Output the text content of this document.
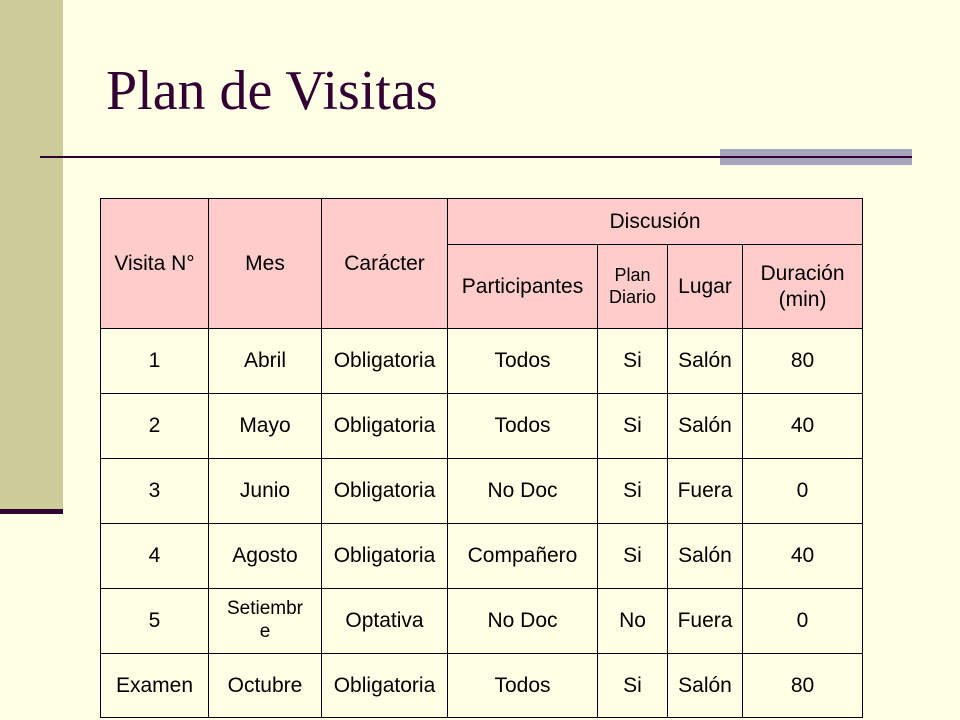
Plan de Visitas
Visita N°	Mes	Carácter	Discusión			
			Participantes	Plan Diario	Lugar	Duración (min)
1	Abril	Obligatoria	Todos	Si	Salón	80
2	Mayo	Obligatoria	Todos	Si	Salón	40
3	Junio	Obligatoria	No Doc	Si	Fuera	0
4	Agosto	Obligatoria	Compañero	Si	Salón	40
5	Setiembre	Optativa	No Doc	No	Fuera	0
Examen	Octubre	Obligatoria	Todos	Si	Salón	80
